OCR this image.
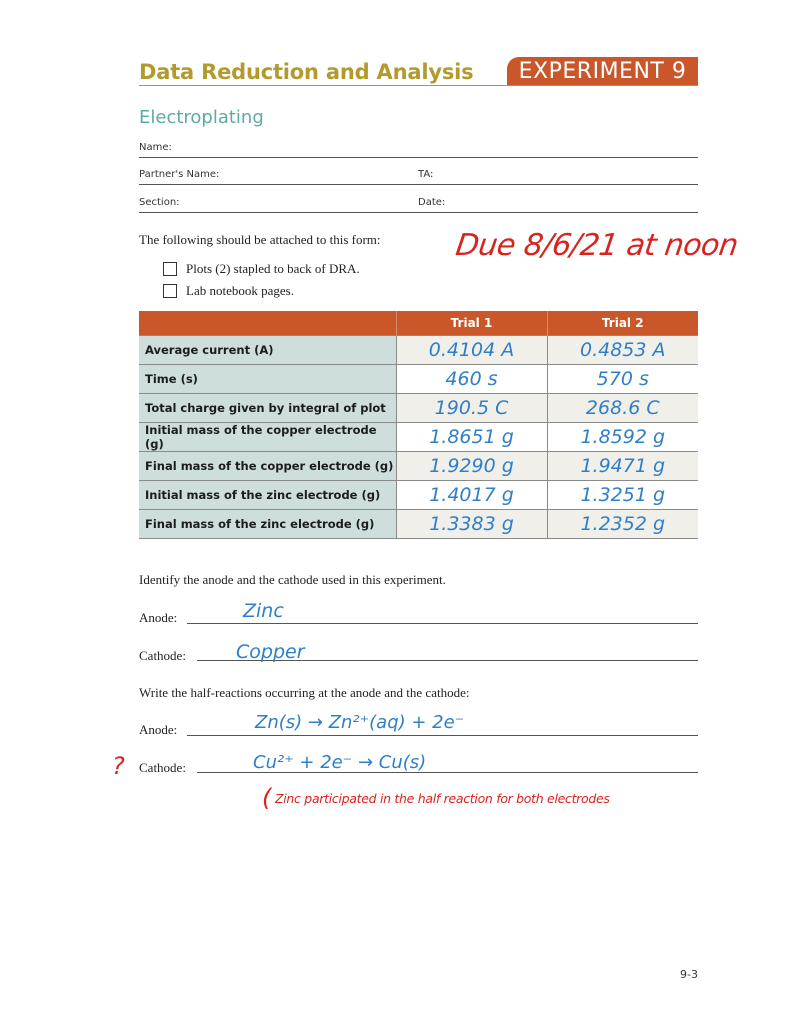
Data Reduction and Analysis	EXPERIMENT 9
Electroplating
Name:
Partner's Name:	TA:
Section:	Date:
The following should be attached to this form:
Plots (2) stapled to back of DRA.
Lab notebook pages.
Due 8/6/21 at noon
	Trial 1	Trial 2
Average current (A)	0.4104 A	0.4853 A
Time (s)	460 s	570 s
Total charge given by integral of plot	190.5 C	268.6 C
Initial mass of the copper electrode (g)	1.8651 g	1.8592 g
Final mass of the copper electrode (g)	1.9290 g	1.9471 g
Initial mass of the zinc electrode (g)	1.4017 g	1.3251 g
Final mass of the zinc electrode (g)	1.3383 g	1.2352 g
Identify the anode and the cathode used in this experiment.
Anode:	Zinc
Cathode:	Copper
Write the half-reactions occurring at the anode and the cathode:
Anode:	Zn(s) → Zn²⁺(aq) + 2e⁻
? Cathode:	Cu²⁺ + 2e⁻ → Cu(s)
( Zinc participated in the half reaction for both electrodes
9-3
